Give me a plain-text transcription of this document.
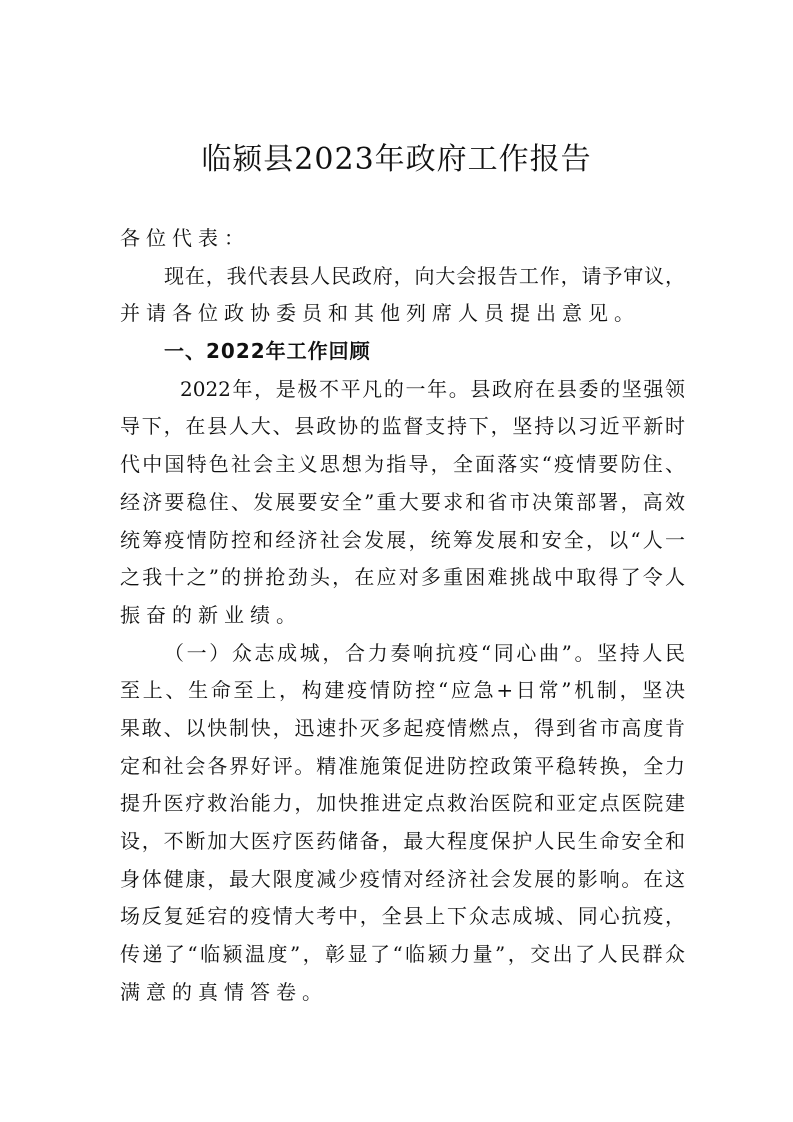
临颍县2023年政府工作报告
各位代表：
现在，我代表县人民政府，向大会报告工作，请予审议，
并请各位政协委员和其他列席人员提出意见。
一、2022年工作回顾
2022年，是极不平凡的一年。县政府在县委的坚强领
导下，在县人大、县政协的监督支持下，坚持以习近平新时
代中国特色社会主义思想为指导，全面落实“疫情要防住、
经济要稳住、发展要安全”重大要求和省市决策部署，高效
统筹疫情防控和经济社会发展，统筹发展和安全，以“人一
之我十之”的拼抢劲头，在应对多重困难挑战中取得了令人
振奋的新业绩。
（一）众志成城，合力奏响抗疫“同心曲”。坚持人民
至上、生命至上，构建疫情防控“应急+日常”机制，坚决
果敢、以快制快，迅速扑灭多起疫情燃点，得到省市高度肯
定和社会各界好评。精准施策促进防控政策平稳转换，全力
提升医疗救治能力，加快推进定点救治医院和亚定点医院建
设，不断加大医疗医药储备，最大程度保护人民生命安全和
身体健康，最大限度减少疫情对经济社会发展的影响。在这
场反复延宕的疫情大考中，全县上下众志成城、同心抗疫，
传递了“临颍温度”，彰显了“临颍力量”，交出了人民群众
满意的真情答卷。
